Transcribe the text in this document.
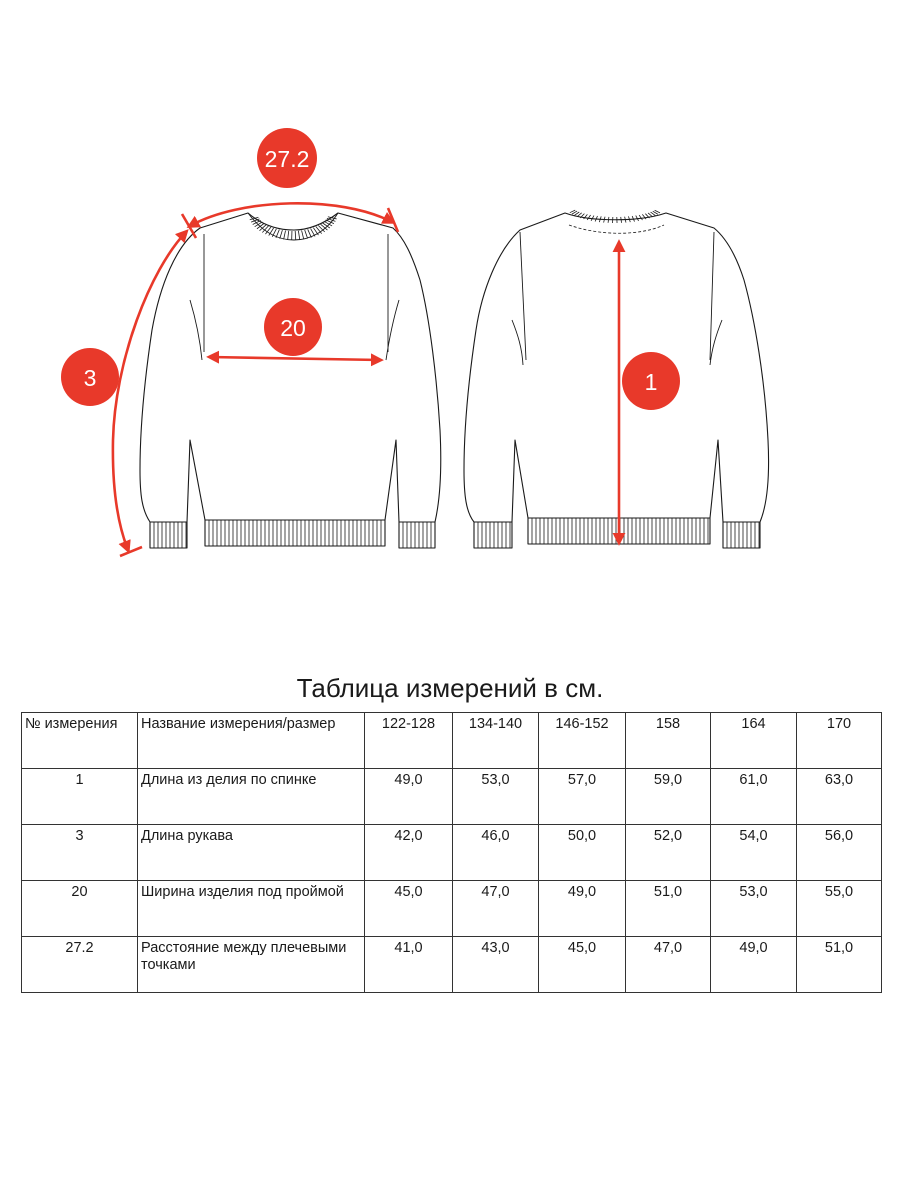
27.2
20
3	1
Таблица измерений в см.
№ измерения	Название измерения/размер	122-128	134-140	146-152	158	164	170
1	Длина из делия по спинке	49,0	53,0	57,0	59,0	61,0	63,0
3	Длина рукава	42,0	46,0	50,0	52,0	54,0	56,0
20	Ширина изделия под проймой	45,0	47,0	49,0	51,0	53,0	55,0
27.2	Расстояние между плечевыми точками	41,0	43,0	45,0	47,0	49,0	51,0
